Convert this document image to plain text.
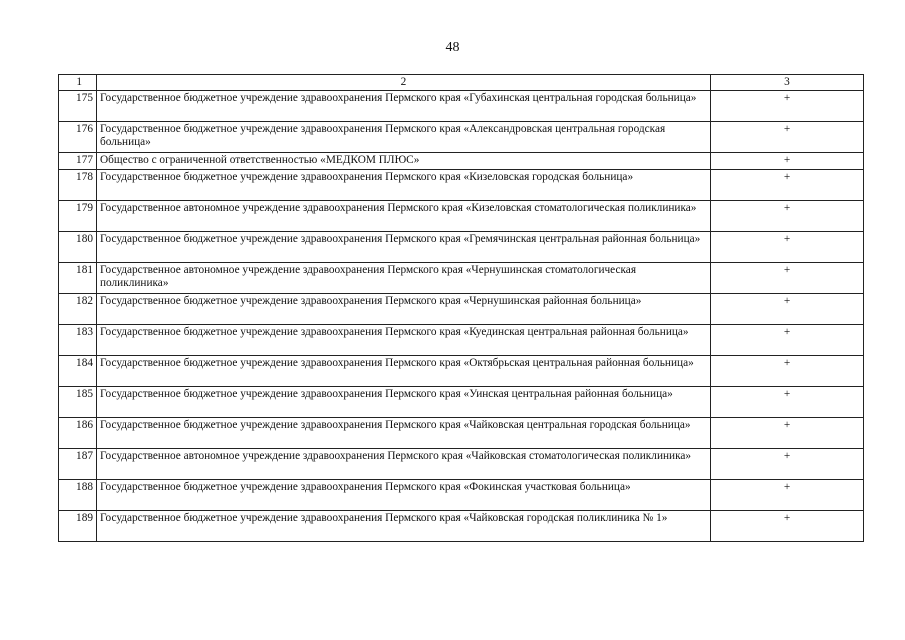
48
1	2	3
175	Государственное бюджетное учреждение здравоохранения Пермского края «Губахинская центральная городская больница»	+
176	Государственное бюджетное учреждение здравоохранения Пермского края «Александровская центральная городская больница»	+
177	Общество с ограниченной ответственностью «МЕДКОМ ПЛЮС»	+
178	Государственное бюджетное учреждение здравоохранения Пермского края «Кизеловская городская больница»	+
179	Государственное автономное учреждение здравоохранения Пермского края «Кизеловская стоматологическая поликлиника»	+
180	Государственное бюджетное учреждение здравоохранения Пермского края «Гремячинская центральная районная больница»	+
181	Государственное автономное учреждение здравоохранения Пермского края «Чернушинская стоматологическая поликлиника»	+
182	Государственное бюджетное учреждение здравоохранения Пермского края «Чернушинская районная больница»	+
183	Государственное бюджетное учреждение здравоохранения Пермского края «Куединская центральная районная больница»	+
184	Государственное бюджетное учреждение здравоохранения Пермского края «Октябрьская центральная районная больница»	+
185	Государственное бюджетное учреждение здравоохранения Пермского края «Уинская центральная районная больница»	+
186	Государственное бюджетное учреждение здравоохранения Пермского края «Чайковская центральная городская больница»	+
187	Государственное автономное учреждение здравоохранения Пермского края «Чайковская стоматологическая поликлиника»	+
188	Государственное бюджетное учреждение здравоохранения Пермского края «Фокинская участковая больница»	+
189	Государственное бюджетное учреждение здравоохранения Пермского края «Чайковская городская поликлиника № 1»	+
